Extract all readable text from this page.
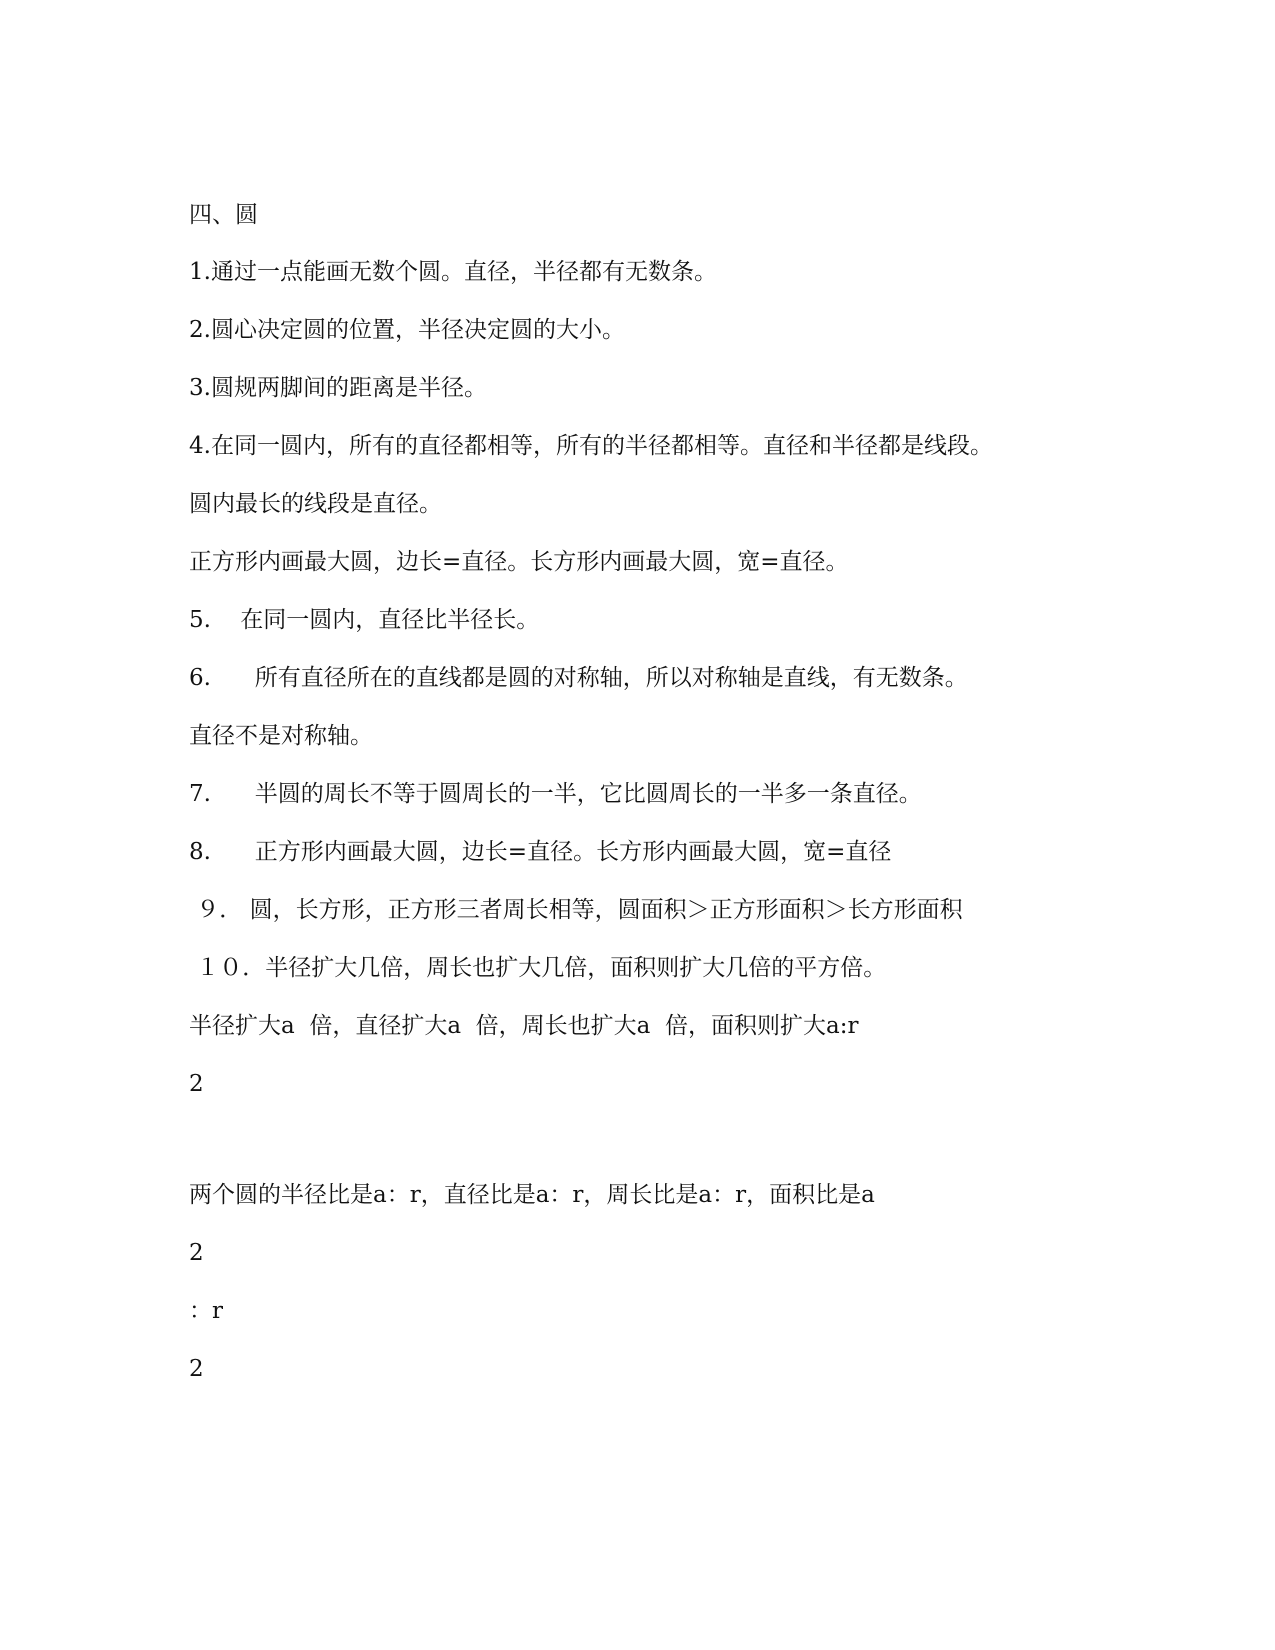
四、圆
1.通过一点能画无数个圆。直径，半径都有无数条。
2.圆心决定圆的位置，半径决定圆的大小。
3.圆规两脚间的距离是半径。
4.在同一圆内，所有的直径都相等，所有的半径都相等。直径和半径都是线段。
圆内最长的线段是直径。
正方形内画最大圆，边长=直径。长方形内画最大圆，宽=直径。
5.    在同一圆内，直径比半径长。
6.      所有直径所在的直线都是圆的对称轴，所以对称轴是直线，有无数条。
直径不是对称轴。
7.      半圆的周长不等于圆周长的一半，它比圆周长的一半多一条直径。
8.      正方形内画最大圆，边长=直径。长方形内画最大圆，宽=直径
９． 圆，长方形，正方形三者周长相等，圆面积＞正方形面积＞长方形面积
１０．半径扩大几倍，周长也扩大几倍，面积则扩大几倍的平方倍。
半径扩大a  倍，直径扩大a  倍，周长也扩大a  倍，面积则扩大a:r
2
两个圆的半径比是a：r，直径比是a：r，周长比是a：r，面积比是a
2
：r
2
